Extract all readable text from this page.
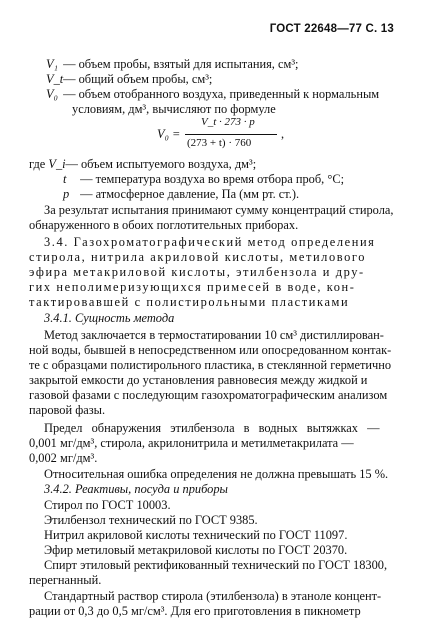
ГОСТ 22648—77 С. 13
V₁ — объем пробы, взятый для испытания, см³;
V_t — общий объем пробы, см³;
V₀ — объем отобранного воздуха, приведенный к нормальным
условиям, дм³, вычисляют по формуле
V₀ =
V_t · 273 · p
(273 + t) · 760
,
где V_i — объем испытуемого воздуха, дм³;
t — температура воздуха во время отбора проб, °С;
p — атмосферное давление, Па (мм рт. ст.).
За результат испытания принимают сумму концентраций стирола,
обнаруженного в обоих поглотительных приборах.
3.4. Газохроматографический метод определения
стирола, нитрила акриловой кислоты, метилового
эфира метакриловой кислоты, этилбензола и дру-
гих неполимеризующихся примесей в воде, кон-
тактировавшей с полистирольными пластиками
3.4.1. Сущность метода
Метод заключается в термостатировании 10 см³ дистиллирован-
ной воды, бывшей в непосредственном или опосредованном контак-
те с образцами полистирольного пластика, в стеклянной герметично
закрытой емкости до установления равновесия между жидкой и
газовой фазами с последующим газохроматографическим анализом
паровой фазы.
Предел обнаружения этилбензола в водных вытяжках —
0,001 мг/дм³, стирола, акрилонитрила и метилметакрилата —
0,002 мг/дм³.
Относительная ошибка определения не должна превышать 15 %.
3.4.2. Реактивы, посуда и приборы
Стирол по ГОСТ 10003.
Этилбензол технический по ГОСТ 9385.
Нитрил акриловой кислоты технический по ГОСТ 11097.
Эфир метиловый метакриловой кислоты по ГОСТ 20370.
Спирт этиловый ректификованный технический по ГОСТ 18300,
перегнанный.
Стандартный раствор стирола (этилбензола) в этаноле концент-
рации от 0,3 до 0,5 мг/см³. Для его приготовления в пикнометр
